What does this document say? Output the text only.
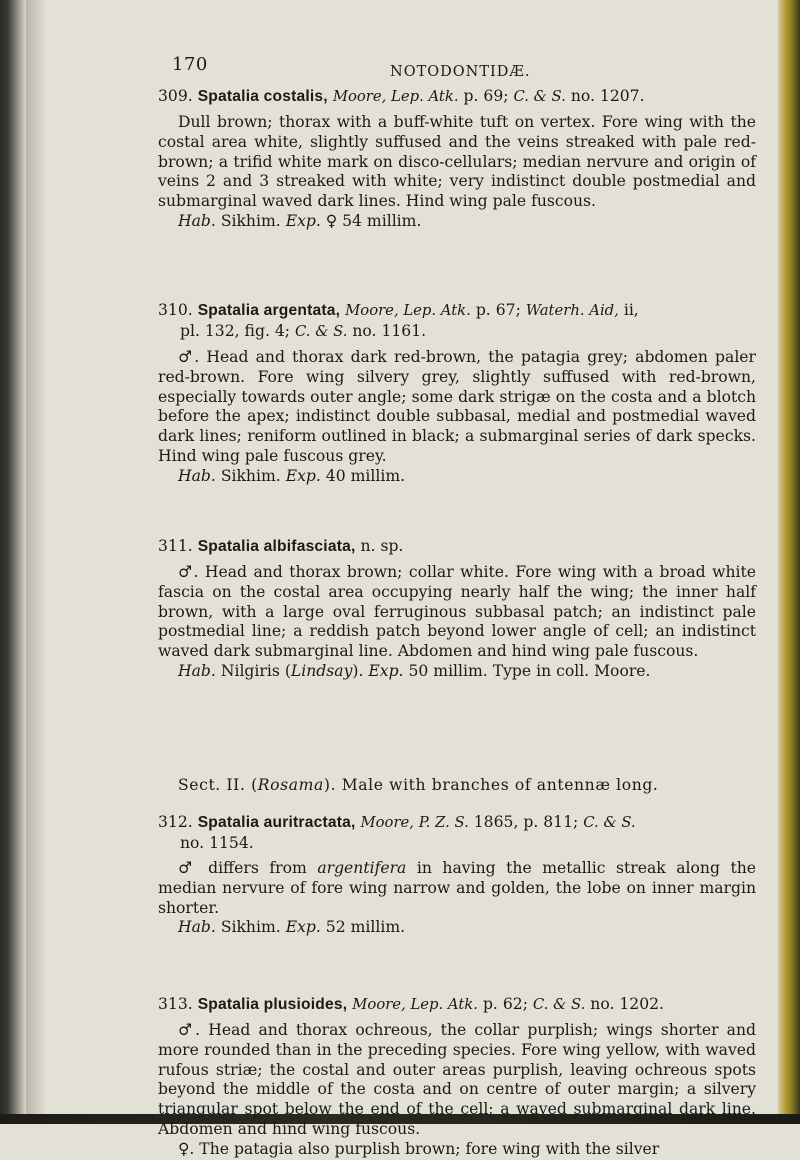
170	NOTODONTIDÆ.
309. Spatalia costalis, Moore, Lep. Atk. p. 69; C. & S. no. 1207.

Dull brown; thorax with a buff-white tuft on vertex. Fore wing with the costal area white, slightly suffused and the veins streaked with pale red-brown; a trifid white mark on disco-cellulars; median nervure and origin of veins 2 and 3 streaked with white; very indistinct double postmedial and submarginal waved dark lines. Hind wing pale fuscous.

Hab. Sikhim. Exp. ♀ 54 millim.

310. Spatalia argentata, Moore, Lep. Atk. p. 67; Waterh. Aid, ii,
pl. 132, fig. 4; C. & S. no. 1161.

♂. Head and thorax dark red-brown, the patagia grey; abdomen paler red-brown. Fore wing silvery grey, slightly suffused with red-brown, especially towards outer angle; some dark strigæ on the costa and a blotch before the apex; indistinct double subbasal, medial and postmedial waved dark lines; reniform outlined in black; a submarginal series of dark specks. Hind wing pale fuscous grey.

Hab. Sikhim. Exp. 40 millim.

311. Spatalia albifasciata, n. sp.

♂. Head and thorax brown; collar white. Fore wing with a broad white fascia on the costal area occupying nearly half the wing; the inner half brown, with a large oval ferruginous subbasal patch; an indistinct pale postmedial line; a reddish patch beyond lower angle of cell; an indistinct waved dark submarginal line. Abdomen and hind wing pale fuscous.

Hab. Nilgiris (Lindsay). Exp. 50 millim. Type in coll. Moore.

Sect. II. (Rosama). Male with branches of antennæ long.
312. Spatalia auritractata, Moore, P. Z. S. 1865, p. 811; C. & S.
no. 1154.

♂ differs from argentifera in having the metallic streak along the median nervure of fore wing narrow and golden, the lobe on inner margin shorter.

Hab. Sikhim. Exp. 52 millim.

313. Spatalia plusioides, Moore, Lep. Atk. p. 62; C. & S. no. 1202.

♂. Head and thorax ochreous, the collar purplish; wings shorter and more rounded than in the preceding species. Fore wing yellow, with waved rufous striæ; the costal and outer areas purplish, leaving ochreous spots beyond the middle of the costa and on centre of outer margin; a silvery triangular spot below the end of the cell; a waved submarginal dark line. Abdomen and hind wing fuscous.

♀. The patagia also purplish brown; fore wing with the silver
